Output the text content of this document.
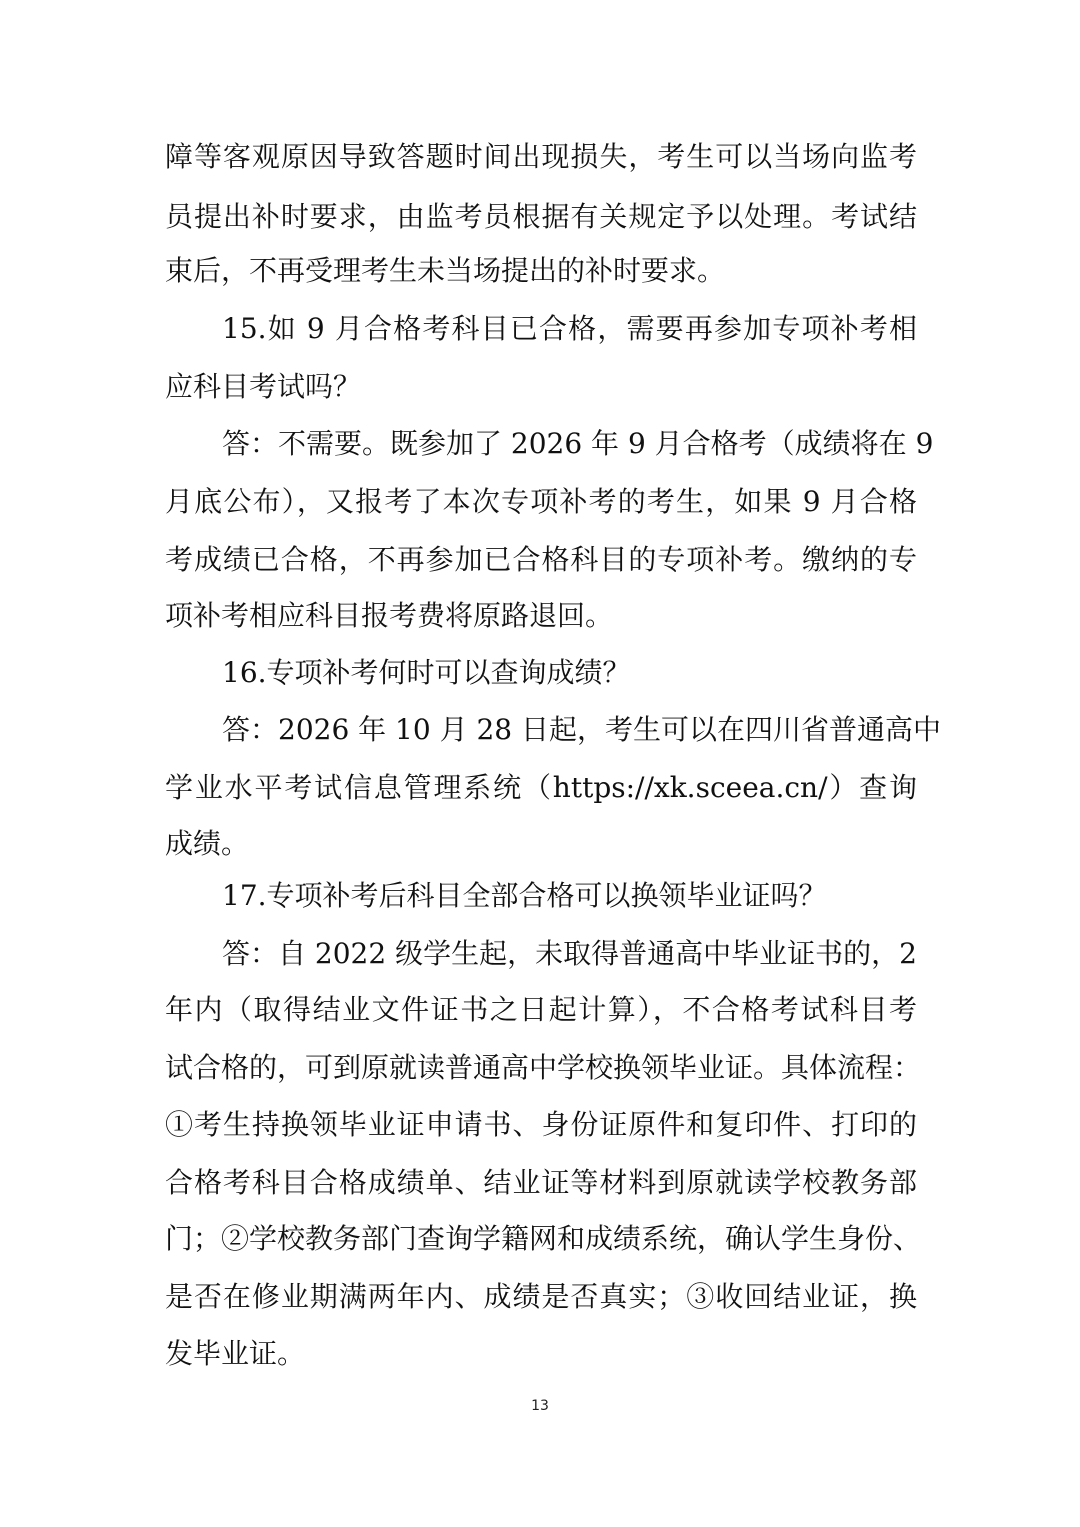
障等客观原因导致答题时间出现损失，考生可以当场向监考
员提出补时要求，由监考员根据有关规定予以处理。考试结
束后，不再受理考生未当场提出的补时要求。
15.如 9 月合格考科目已合格，需要再参加专项补考相
应科目考试吗？
答：不需要。既参加了 2026 年 9 月合格考（成绩将在 9
月底公布），又报考了本次专项补考的考生，如果 9 月合格
考成绩已合格，不再参加已合格科目的专项补考。缴纳的专
项补考相应科目报考费将原路退回。
16.专项补考何时可以查询成绩？
答：2026 年 10 月 28 日起，考生可以在四川省普通高中
学业水平考试信息管理系统（https://xk.sceea.cn/）查询
成绩。
17.专项补考后科目全部合格可以换领毕业证吗？
答：自 2022 级学生起，未取得普通高中毕业证书的，2
年内（取得结业文件证书之日起计算），不合格考试科目考
试合格的，可到原就读普通高中学校换领毕业证。具体流程：
①考生持换领毕业证申请书、身份证原件和复印件、打印的
合格考科目合格成绩单、结业证等材料到原就读学校教务部
门；②学校教务部门查询学籍网和成绩系统，确认学生身份、
是否在修业期满两年内、成绩是否真实；③收回结业证，换
发毕业证。
13
